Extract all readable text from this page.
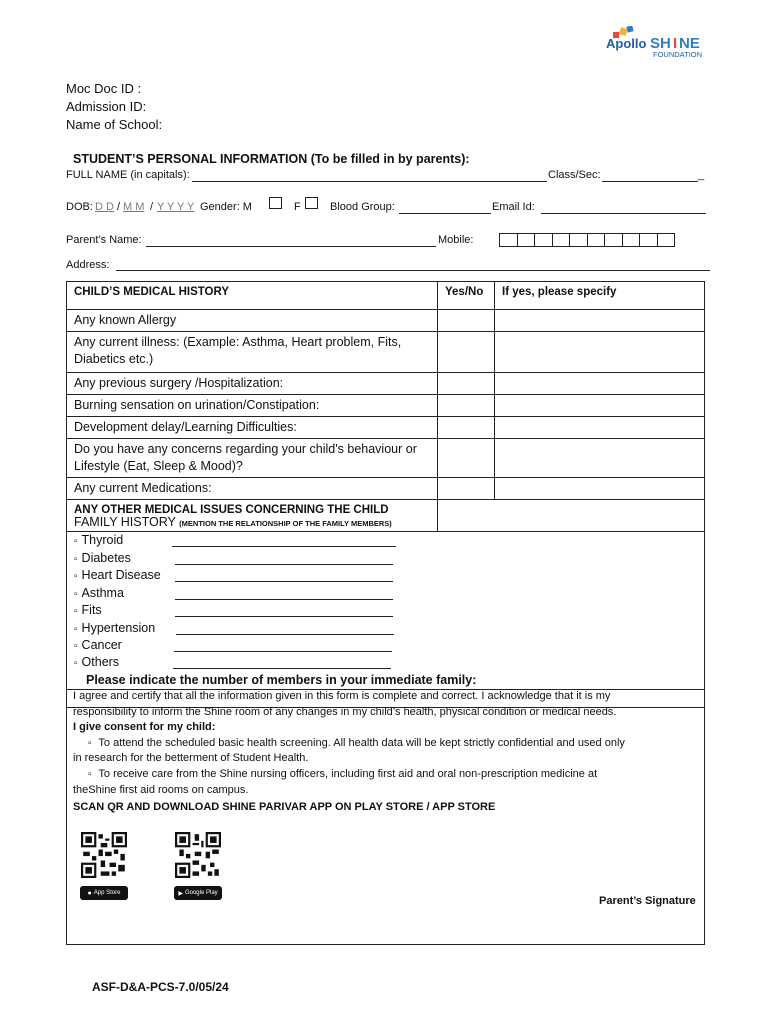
Apollo SH I NE
FOUNDATION
Moc Doc ID :
Admission ID:
Name of School:
STUDENT’S PERSONAL INFORMATION (To be filled in by parents):
FULL NAME (in capitals):	Class/Sec:	_
DOB: D D / M M / Y Y Y Y Gender: M	F	Blood Group:	Email Id:
Parent’s Name:	Mobile:
Address:
CHILD’S MEDICAL HISTORY	Yes/No	If yes, please specify
Any known Allergy		
Any current illness: (Example: Asthma, Heart problem, Fits, Diabetics etc.)		
Any previous surgery /Hospitalization:		
Burning sensation on urination/Constipation:		
Development delay/Learning Difficulties:		
Do you have any concerns regarding your child's behaviour or Lifestyle (Eat, Sleep & Mood)?		
Any current Medications:		
ANY OTHER MEDICAL ISSUES CONCERNING THE CHILD		

FAMILY HISTORY (MENTION THE RELATIONSHIP OF THE FAMILY MEMBERS)
▫ Thyroid
▫ Diabetes
▫ Heart Disease
▫ Asthma
▫ Fits
▫ Hypertension
▫ Cancer
▫ Others
Please indicate the number of members in your immediate family:
I agree and certify that all the information given in this form is complete and correct. I acknowledge that it is my
responsibility to inform the Shine room of any changes in my child’s health, physical condition or medical needs.
I give consent for my child:
▫ To attend the scheduled basic health screening. All health data will be kept strictly confidential and used only
in research for the betterment of Student Health.
▫ To receive care from the Shine nursing officers, including first aid and oral non-prescription medicine at
theShine first aid rooms on campus.
SCAN QR AND DOWNLOAD SHINE PARIVAR APP ON PLAY STORE / APP STORE
● App Store	▶ Google Play
Parent’s Signature
ASF-D&A-PCS-7.0/05/24
